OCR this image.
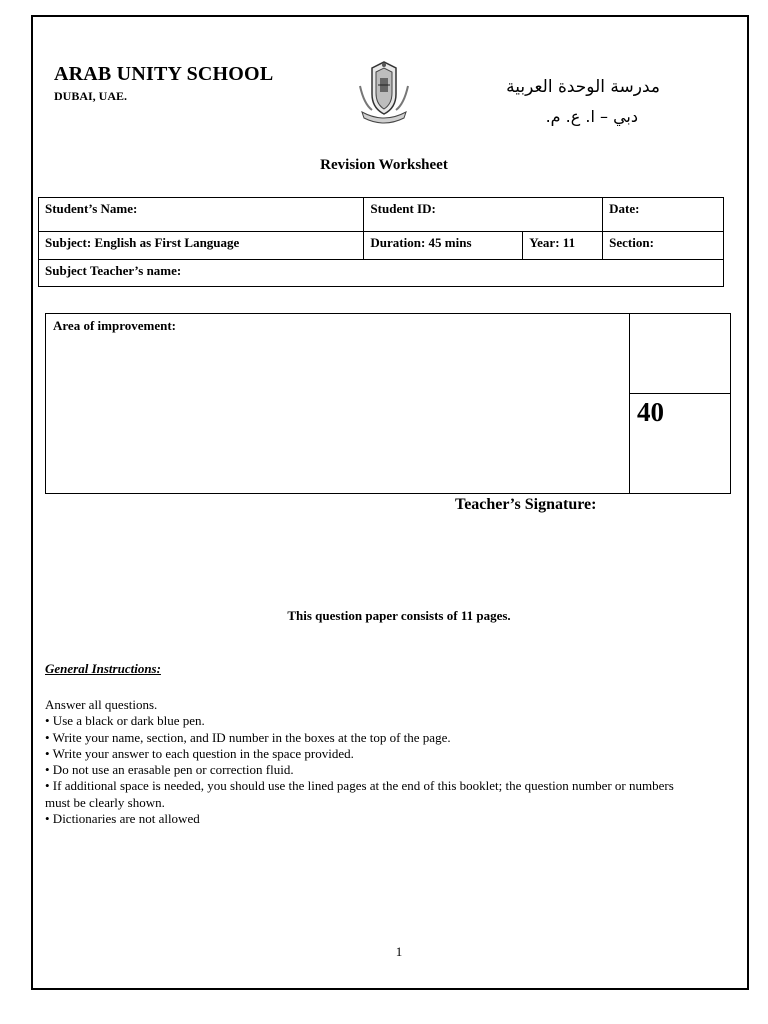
ARAB UNITY SCHOOL
DUBAI, UAE.	مدرسة الوحدة العربية
دبي – ا. ع. م.
Revision Worksheet
Student’s Name:	Student ID:		Date:
Subject: English as First Language	Duration: 45 mins	Year: 11	Section:
Subject Teacher’s name:			
Area of improvement:
40
Teacher’s Signature:
This question paper consists of 11 pages.
General Instructions:
Answer all questions.
• Use a black or dark blue pen.
• Write your name, section, and ID number in the boxes at the top of the page.
• Write your answer to each question in the space provided.
• Do not use an erasable pen or correction fluid.
• If additional space is needed, you should use the lined pages at the end of this booklet; the question number or numbers must be clearly shown.
• Dictionaries are not allowed
1
